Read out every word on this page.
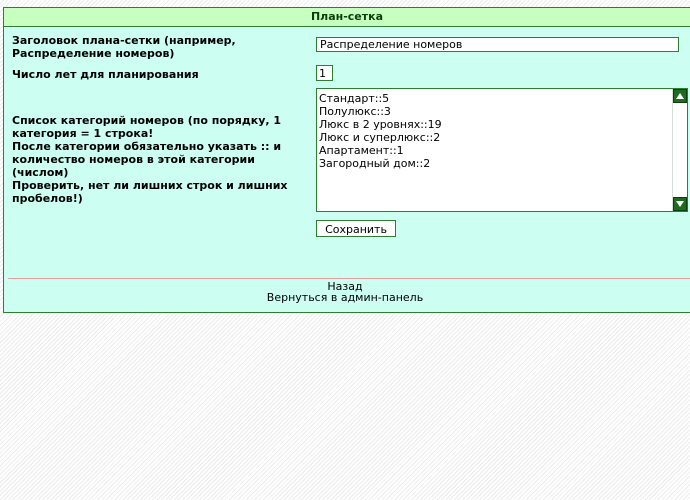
План-сетка
Заголовок плана-сетки (например, Распределение номеров)
Распределение номеров
Число лет для планирования
1
Список категорий номеров (по порядку, 1 категория = 1 строка!
После категории обязательно указать :: и количество номеров в этой категории (числом)
Проверить, нет ли лишних строк и лишних пробелов!)
Стандарт::5
Полулюкс::3
Люкс в 2 уровнях::19
Люкс и суперлюкс::2
Апартамент::1
Загородный дом::2
Сохранить
Назад
Вернуться в админ-панель
